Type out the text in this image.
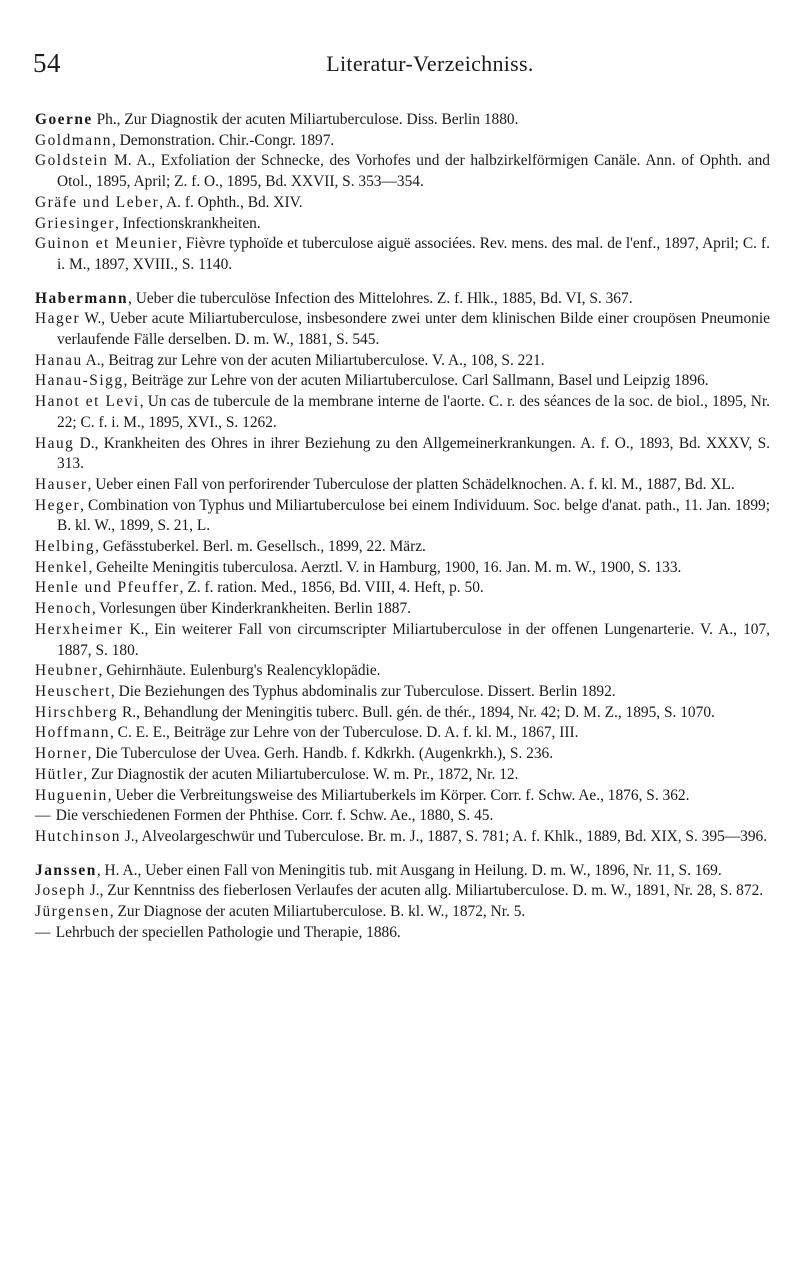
54	Literatur-Verzeichniss.

Goerne Ph., Zur Diagnostik der acuten Miliartuberculose. Diss. Berlin 1880.

Goldmann, Demonstration. Chir.-Congr. 1897.

Goldstein M. A., Exfoliation der Schnecke, des Vorhofes und der halbzirkelförmigen Canäle. Ann. of Ophth. and Otol., 1895, April; Z. f. O., 1895, Bd. XXVII, S. 353—354.

Gräfe und Leber, A. f. Ophth., Bd. XIV.

Griesinger, Infectionskrankheiten.

Guinon et Meunier, Fièvre typhoïde et tuberculose aiguë associées. Rev. mens. des mal. de l'enf., 1897, April; C. f. i. M., 1897, XVIII., S. 1140.

Habermann, Ueber die tuberculöse Infection des Mittelohres. Z. f. Hlk., 1885, Bd. VI, S. 367.

Hager W., Ueber acute Miliartuberculose, insbesondere zwei unter dem klinischen Bilde einer croupösen Pneumonie verlaufende Fälle derselben. D. m. W., 1881, S. 545.

Hanau A., Beitrag zur Lehre von der acuten Miliartuberculose. V. A., 108, S. 221.

Hanau-Sigg, Beiträge zur Lehre von der acuten Miliartuberculose. Carl Sallmann, Basel und Leipzig 1896.

Hanot et Levi, Un cas de tubercule de la membrane interne de l'aorte. C. r. des séances de la soc. de biol., 1895, Nr. 22; C. f. i. M., 1895, XVI., S. 1262.

Haug D., Krankheiten des Ohres in ihrer Beziehung zu den Allgemeinerkrankungen. A. f. O., 1893, Bd. XXXV, S. 313.

Hauser, Ueber einen Fall von perforirender Tuberculose der platten Schädelknochen. A. f. kl. M., 1887, Bd. XL.

Heger, Combination von Typhus und Miliartuberculose bei einem Individuum. Soc. belge d'anat. path., 11. Jan. 1899; B. kl. W., 1899, S. 21, L.

Helbing, Gefässtuberkel. Berl. m. Gesellsch., 1899, 22. März.

Henkel, Geheilte Meningitis tuberculosa. Aerztl. V. in Hamburg, 1900, 16. Jan. M. m. W., 1900, S. 133.

Henle und Pfeuffer, Z. f. ration. Med., 1856, Bd. VIII, 4. Heft, p. 50.

Henoch, Vorlesungen über Kinderkrankheiten. Berlin 1887.

Herxheimer K., Ein weiterer Fall von circumscripter Miliartuberculose in der offenen Lungenarterie. V. A., 107, 1887, S. 180.

Heubner, Gehirnhäute. Eulenburg's Realencyklopädie.

Heuschert, Die Beziehungen des Typhus abdominalis zur Tuberculose. Dissert. Berlin 1892.

Hirschberg R., Behandlung der Meningitis tuberc. Bull. gén. de thér., 1894, Nr. 42; D. M. Z., 1895, S. 1070.

Hoffmann, C. E. E., Beiträge zur Lehre von der Tuberculose. D. A. f. kl. M., 1867, III.

Horner, Die Tuberculose der Uvea. Gerh. Handb. f. Kdkrkh. (Augenkrkh.), S. 236.

Hütler, Zur Diagnostik der acuten Miliartuberculose. W. m. Pr., 1872, Nr. 12.

Huguenin, Ueber die Verbreitungsweise des Miliartuberkels im Körper. Corr. f. Schw. Ae., 1876, S. 362.

— Die verschiedenen Formen der Phthise. Corr. f. Schw. Ae., 1880, S. 45.

Hutchinson J., Alveolargeschwür und Tuberculose. Br. m. J., 1887, S. 781; A. f. Khlk., 1889, Bd. XIX, S. 395—396.

Janssen, H. A., Ueber einen Fall von Meningitis tub. mit Ausgang in Heilung. D. m. W., 1896, Nr. 11, S. 169.

Joseph J., Zur Kenntniss des fieberlosen Verlaufes der acuten allg. Miliartuberculose. D. m. W., 1891, Nr. 28, S. 872.

Jürgensen, Zur Diagnose der acuten Miliartuberculose. B. kl. W., 1872, Nr. 5.

— Lehrbuch der speciellen Pathologie und Therapie, 1886.
